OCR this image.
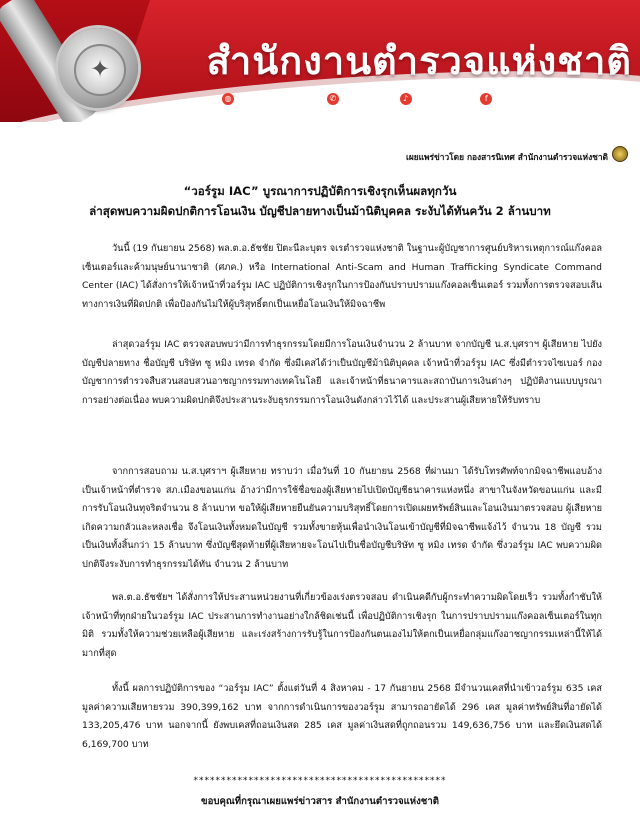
✦
สำนักงานตำรวจแห่งชาติ
◍ saranitet.police.go.th	✆ 02 252 9887	♪ saranitetpolice	f	กองสารนิเทศ สำนักงานตำรวจแห่งชาติ
เผยแพร่ข่าวโดย กองสารนิเทศ สำนักงานตำรวจแห่งชาติ
“วอร์รูม IAC” บูรณาการปฏิบัติการเชิงรุกเห็นผลทุกวัน
ล่าสุดพบความผิดปกติการโอนเงิน บัญชีปลายทางเป็นม้านิติบุคคล ระงับได้ทันควัน 2 ล้านบาท
วันนี้ (19 กันยายน 2568) พล.ต.อ.ธัชชัย ปิตะนีละบุตร จเรตำรวจแห่งชาติ ในฐานะผู้บัญชาการศูนย์บริหารเหตุการณ์แก๊งคอลเซ็นเตอร์และค้ามนุษย์นานาชาติ (ศภค.) หรือ International Anti-Scam and Human Trafficking Syndicate Command Center (IAC) ได้สั่งการให้เจ้าหน้าที่วอร์รูม IAC ปฏิบัติการเชิงรุกในการป้องกันปราบปรามแก๊งคอลเซ็นเตอร์ รวมทั้งการตรวจสอบเส้นทางการเงินที่ผิดปกติ เพื่อป้องกันไม่ให้ผู้บริสุทธิ์ตกเป็นเหยื่อโอนเงินให้มิจฉาชีพ
ล่าสุดวอร์รูม IAC ตรวจสอบพบว่ามีการทำธุรกรรมโดยมีการโอนเงินจำนวน 2 ล้านบาท จากบัญชี น.ส.บุศราฯ ผู้เสียหาย ไปยังบัญชีปลายทาง ชื่อบัญชี บริษัท ซู หมิง เทรด จำกัด ซึ่งมีเคสได้ว่าเป็นบัญชีม้านิติบุคคล เจ้าหน้าที่วอร์รูม IAC ซึ่งมีตำรวจไซเบอร์ กองบัญชาการตำรวจสืบสวนสอบสวนอาชญากรรมทางเทคโนโลยี และเจ้าหน้าที่ธนาคารและสถาบันการเงินต่างๆ ปฏิบัติงานแบบบูรณาการอย่างต่อเนื่อง พบความผิดปกติจึงประสานระงับธุรกรรมการโอนเงินดังกล่าวไว้ได้ และประสานผู้เสียหายให้รับทราบ
จากการสอบถาม น.ส.บุศราฯ ผู้เสียหาย ทราบว่า เมื่อวันที่ 10 กันยายน 2568 ที่ผ่านมา ได้รับโทรศัพท์จากมิจฉาชีพแอบอ้างเป็นเจ้าหน้าที่ตำรวจ สภ.เมืองขอนแก่น อ้างว่ามีการใช้ชื่อของผู้เสียหายไปเปิดบัญชีธนาคารแห่งหนึ่ง สาขาในจังหวัดขอนแก่น และมีการรับโอนเงินทุจริตจำนวน 8 ล้านบาท ขอให้ผู้เสียหายยืนยันความบริสุทธิ์โดยการเปิดเผยทรัพย์สินและโอนเงินมาตรวจสอบ ผู้เสียหายเกิดความกลัวและหลงเชื่อ จึงโอนเงินทั้งหมดในบัญชี รวมทั้งขายหุ้นเพื่อนำเงินโอนเข้าบัญชีที่มิจฉาชีพแจ้งไว้ จำนวน 18 บัญชี รวมเป็นเงินทั้งสิ้นกว่า 15 ล้านบาท ซึ่งบัญชีสุดท้ายที่ผู้เสียหายจะโอนไปเป็นชื่อบัญชีบริษัท ซู หมิง เทรด จำกัด ซึ่งวอร์รูม IAC พบความผิดปกติจึงระงับการทำธุรกรรมได้ทัน จำนวน 2 ล้านบาท
พล.ต.อ.ธัชชัยฯ ได้สั่งการให้ประสานหน่วยงานที่เกี่ยวข้องเร่งตรวจสอบ ดำเนินคดีกับผู้กระทำความผิดโดยเร็ว รวมทั้งกำชับให้เจ้าหน้าที่ทุกฝ่ายในวอร์รูม IAC ประสานการทำงานอย่างใกล้ชิดเช่นนี้ เพื่อปฏิบัติการเชิงรุก ในการปราบปรามแก๊งคอลเซ็นเตอร์ในทุกมิติ รวมทั้งให้ความช่วยเหลือผู้เสียหาย และเร่งสร้างการรับรู้ในการป้องกันตนเองไม่ให้ตกเป็นเหยื่อกลุ่มแก๊งอาชญากรรมเหล่านี้ให้ได้มากที่สุด
ทั้งนี้ ผลการปฏิบัติการของ “วอร์รูม IAC” ตั้งแต่วันที่ 4 สิงหาคม - 17 กันยายน 2568 มีจำนวนเคสที่นำเข้าวอร์รูม 635 เคส มูลค่าความเสียหายรวม 390,399,162 บาท จากการดำเนินการของวอร์รูม สามารถอายัดได้ 296 เคส มูลค่าทรัพย์สินที่อายัดได้ 133,205,476 บาท นอกจากนี้ ยังพบเคสที่ถอนเงินสด 285 เคส มูลค่าเงินสดที่ถูกถอนรวม 149,636,756 บาท และยึดเงินสดได้ 6,169,700 บาท
**********************************************
ขอบคุณที่กรุณาเผยแพร่ข่าวสาร สำนักงานตำรวจแห่งชาติ
